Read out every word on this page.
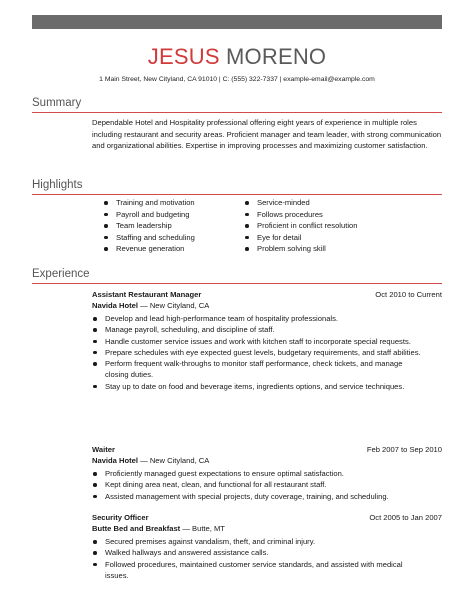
JESUS MORENO
1 Main Street, New Cityland, CA 91010 | C: (555) 322-7337 | example-email@example.com
Summary
Dependable Hotel and Hospitality professional offering eight years of experience in multiple roles including restaurant and security areas. Proficient manager and team leader, with strong communication and organizational abilities. Expertise in improving processes and maximizing customer satisfaction.
Highlights
Training and motivation
Payroll and budgeting
Team leadership
Staffing and scheduling
Revenue generation
Service-minded
Follows procedures
Proficient in conflict resolution
Eye for detail
Problem solving skill
Experience
Assistant Restaurant Manager	Oct 2010 to Current
Navida Hotel — New Cityland, CA
Develop and lead high-performance team of hospitality professionals.
Manage payroll, scheduling, and discipline of staff.
Handle customer service issues and work with kitchen staff to incorporate special requests.
Prepare schedules with eye expected guest levels, budgetary requirements, and staff abilities.
Perform frequent walk-throughs to monitor staff performance, check tickets, and manage closing duties.
Stay up to date on food and beverage items, ingredients options, and service techniques.
Waiter	Feb 2007 to Sep 2010
Navida Hotel — New Cityland, CA
Proficiently managed guest expectations to ensure optimal satisfaction.
Kept dining area neat, clean, and functional for all restaurant staff.
Assisted management with special projects, duty coverage, training, and scheduling.
Security Officer	Oct 2005 to Jan 2007
Butte Bed and Breakfast — Butte, MT
Secured premises against vandalism, theft, and criminal injury.
Walked hallways and answered assistance calls.
Followed procedures, maintained customer service standards, and assisted with medical issues.
